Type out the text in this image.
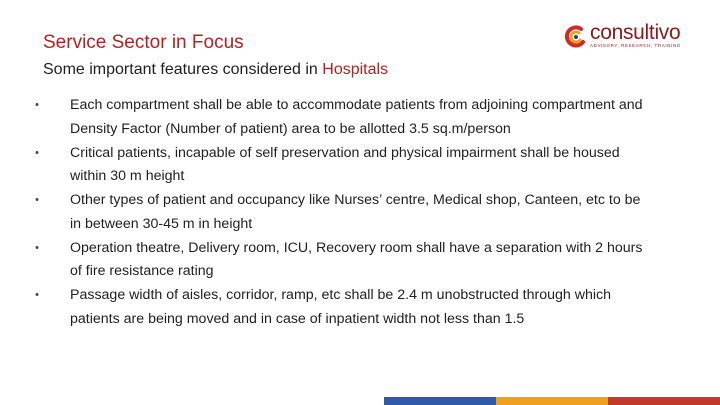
Service Sector in Focus
Some important features considered in Hospitals
consultivo
ADVISORY, RESEARCH, TRAINING
• Each compartment shall be able to accommodate patients from adjoining compartment and Density Factor (Number of patient) area to be allotted 3.5 sq.m/person
• Critical patients, incapable of self preservation and physical impairment shall be housed within 30 m height
• Other types of patient and occupancy like Nurses’ centre, Medical shop, Canteen, etc to be in between 30-45 m in height
• Operation theatre, Delivery room, ICU, Recovery room shall have a separation with 2 hours of fire resistance rating
• Passage width of aisles, corridor, ramp, etc shall be 2.4 m unobstructed through which patients are being moved and in case of inpatient width not less than 1.5
